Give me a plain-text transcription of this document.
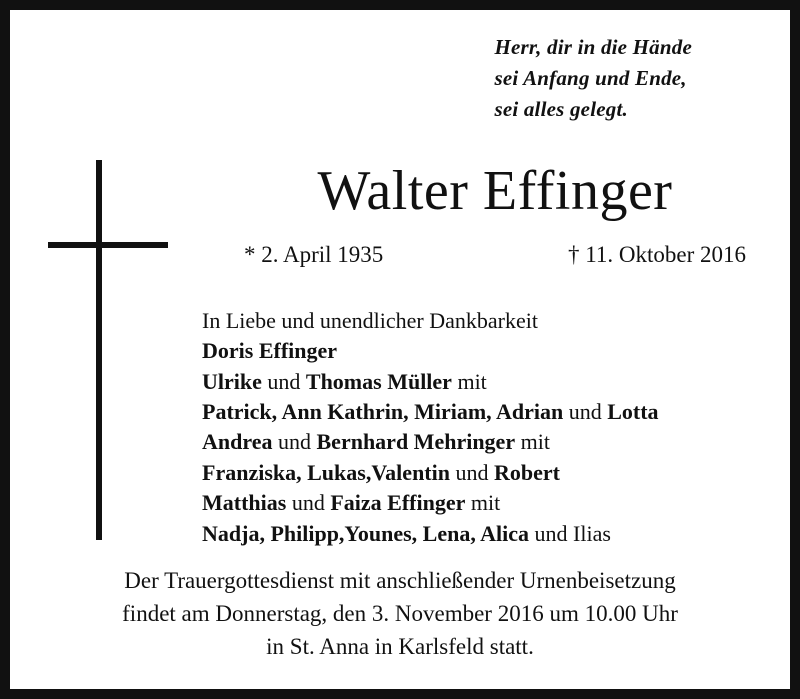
Herr, dir in die Hände
sei Anfang und Ende,
sei alles gelegt.
Walter Effinger
* 2. April 1935	† 11. Oktober 2016
In Liebe und unendlicher Dankbarkeit
Doris Effinger
Ulrike und Thomas Müller mit
Patrick, Ann Kathrin, Miriam, Adrian und Lotta
Andrea und Bernhard Mehringer mit
Franziska, Lukas,Valentin und Robert
Matthias und Faiza Effinger mit
Nadja, Philipp,Younes, Lena, Alica und Ilias
Der Trauergottesdienst mit anschließender Urnenbeisetzung
findet am Donnerstag, den 3. November 2016 um 10.00 Uhr
in St. Anna in Karlsfeld statt.
